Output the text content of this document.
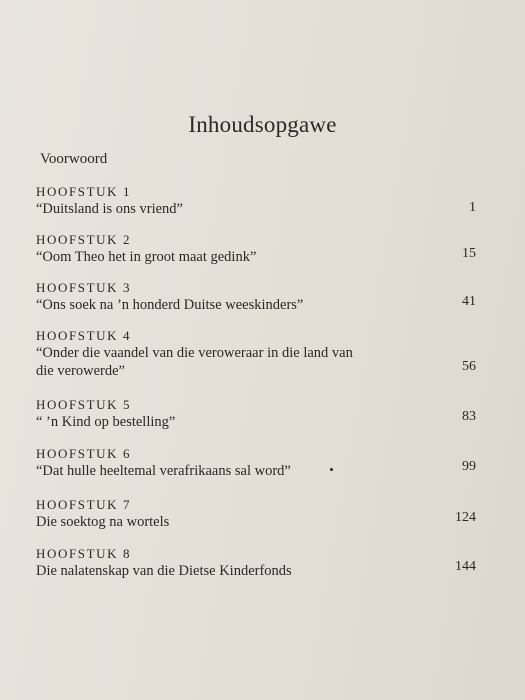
Inhoudsopgawe
Voorwoord
HOOFSTUK 1
“Duitsland is ons vriend”	1
HOOFSTUK 2
“Oom Theo het in groot maat gedink”	15
HOOFSTUK 3
“Ons soek na ’n honderd Duitse weeskinders”	41
HOOFSTUK 4
“Onder die vaandel van die veroweraar in die land van die verowerde”	56
HOOFSTUK 5
“ ’n Kind op bestelling”	83
HOOFSTUK 6
“Dat hulle heeltemal verafrikaans sal word”	99
HOOFSTUK 7
Die soektog na wortels	124
HOOFSTUK 8
Die nalatenskap van die Dietse Kinderfonds	144
